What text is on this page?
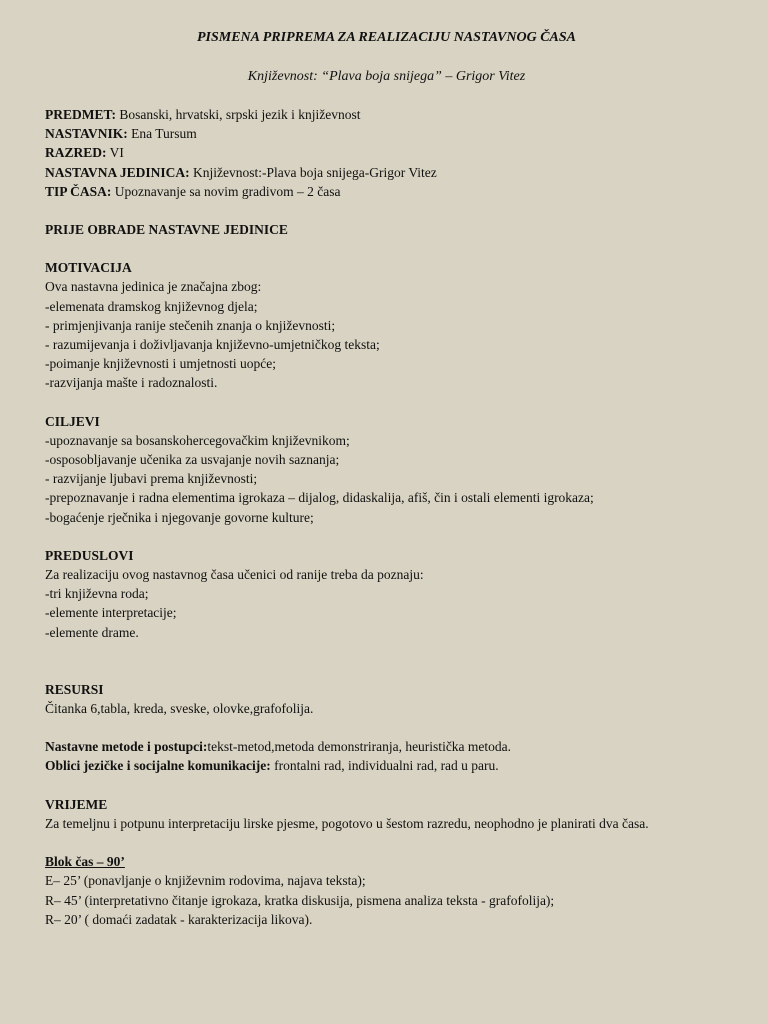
PISMENA PRIPREMA ZA REALIZACIJU NASTAVNOG ČASA
Književnost: “Plava boja snijega” – Grigor Vitez
PREDMET: Bosanski, hrvatski, srpski jezik i književnost
NASTAVNIK: Ena Tursum
RAZRED: VI
NASTAVNA JEDINICA: Književnost:-Plava boja snijega-Grigor Vitez
TIP ČASA: Upoznavanje sa novim gradivom – 2 časa
PRIJE OBRADE NASTAVNE JEDINICE
MOTIVACIJA
Ova nastavna jedinica je značajna zbog:
-elemenata dramskog književnog djela;
- primjenjivanja ranije stečenih znanja o književnosti;
- razumijevanja i doživljavanja književno-umjetničkog teksta;
-poimanje književnosti i umjetnosti uopće;
-razvijanja mašte i radoznalosti.
CILJEVI
-upoznavanje sa bosanskohercegovačkim književnikom;
-osposobljavanje učenika za usvajanje novih saznanja;
- razvijanje ljubavi prema književnosti;
-prepoznavanje i radna elementima igrokaza – dijalog, didaskalija, afiš, čin i ostali elementi igrokaza;
-bogaćenje rječnika i njegovanje govorne kulture;
PREDUSLOVI
Za realizaciju ovog nastavnog časa učenici od ranije treba da poznaju:
-tri književna roda;
-elemente interpretacije;
-elemente drame.
RESURSI
Čitanka 6,tabla, kreda, sveske, olovke,grafofolija.
Nastavne metode i postupci:tekst-metod,metoda demonstriranja, heuristička metoda.
Oblici jezičke i socijalne komunikacije: frontalni rad, individualni rad, rad u paru.
VRIJEME
Za temeljnu i potpunu interpretaciju lirske pjesme, pogotovo u šestom razredu, neophodno je planirati dva časa.
Blok čas – 90’
E– 25’ (ponavljanje o književnim rodovima, najava teksta);
R– 45’ (interpretativno čitanje igrokaza, kratka diskusija, pismena analiza teksta - grafofolija);
R– 20’ ( domaći zadatak - karakterizacija likova).
